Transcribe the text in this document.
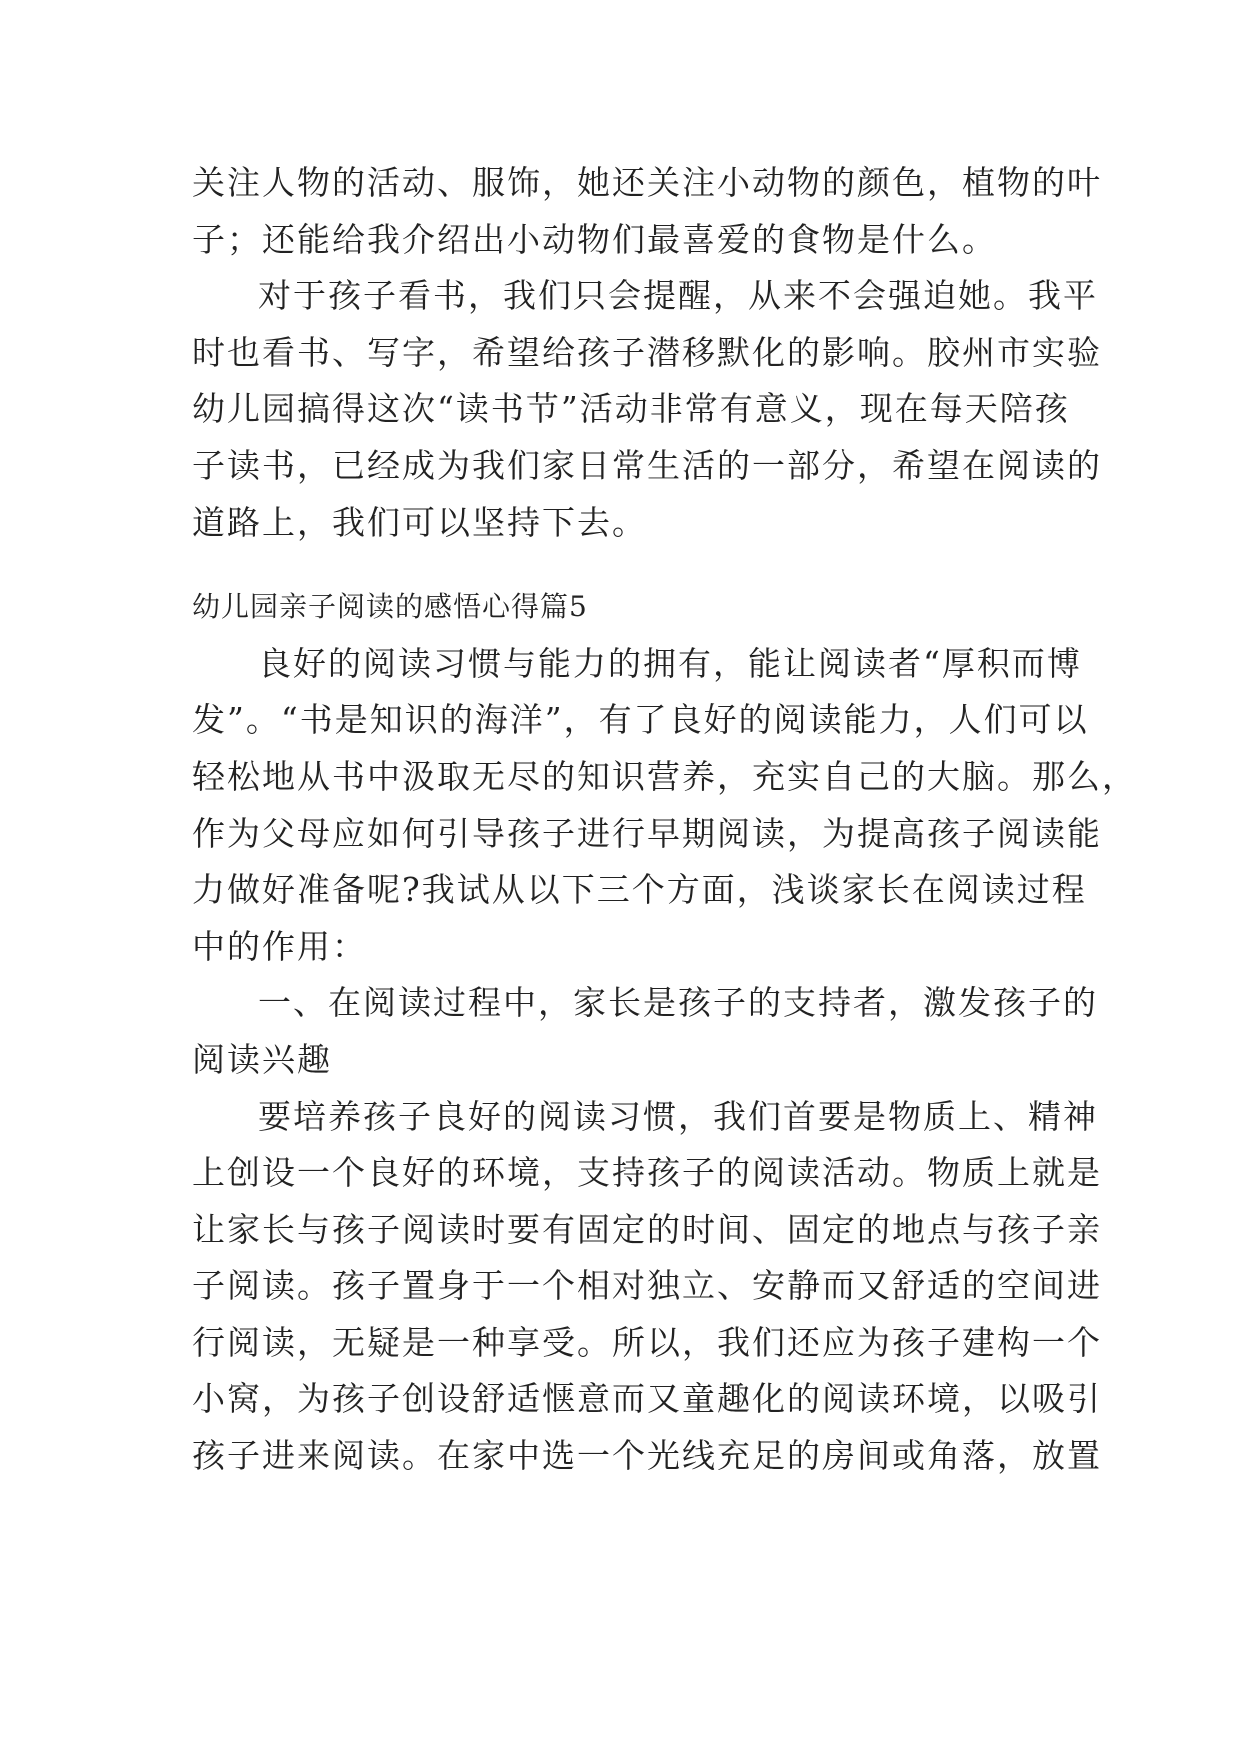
关注人物的活动、服饰，她还关注小动物的颜色，植物的叶
子；还能给我介绍出小动物们最喜爱的食物是什么。
对于孩子看书，我们只会提醒，从来不会强迫她。我平
时也看书、写字，希望给孩子潜移默化的影响。胶州市实验
幼儿园搞得这次“读书节”活动非常有意义，现在每天陪孩
子读书，已经成为我们家日常生活的一部分，希望在阅读的
道路上，我们可以坚持下去。
幼儿园亲子阅读的感悟心得篇5
良好的阅读习惯与能力的拥有，能让阅读者“厚积而博
发”。“书是知识的海洋”，有了良好的阅读能力，人们可以
轻松地从书中汲取无尽的知识营养，充实自己的大脑。那么，
作为父母应如何引导孩子进行早期阅读，为提高孩子阅读能
力做好准备呢?我试从以下三个方面，浅谈家长在阅读过程
中的作用：
一、在阅读过程中，家长是孩子的支持者，激发孩子的
阅读兴趣
要培养孩子良好的阅读习惯，我们首要是物质上、精神
上创设一个良好的环境，支持孩子的阅读活动。物质上就是
让家长与孩子阅读时要有固定的时间、固定的地点与孩子亲
子阅读。孩子置身于一个相对独立、安静而又舒适的空间进
行阅读，无疑是一种享受。所以，我们还应为孩子建构一个
小窝，为孩子创设舒适惬意而又童趣化的阅读环境，以吸引
孩子进来阅读。在家中选一个光线充足的房间或角落，放置
